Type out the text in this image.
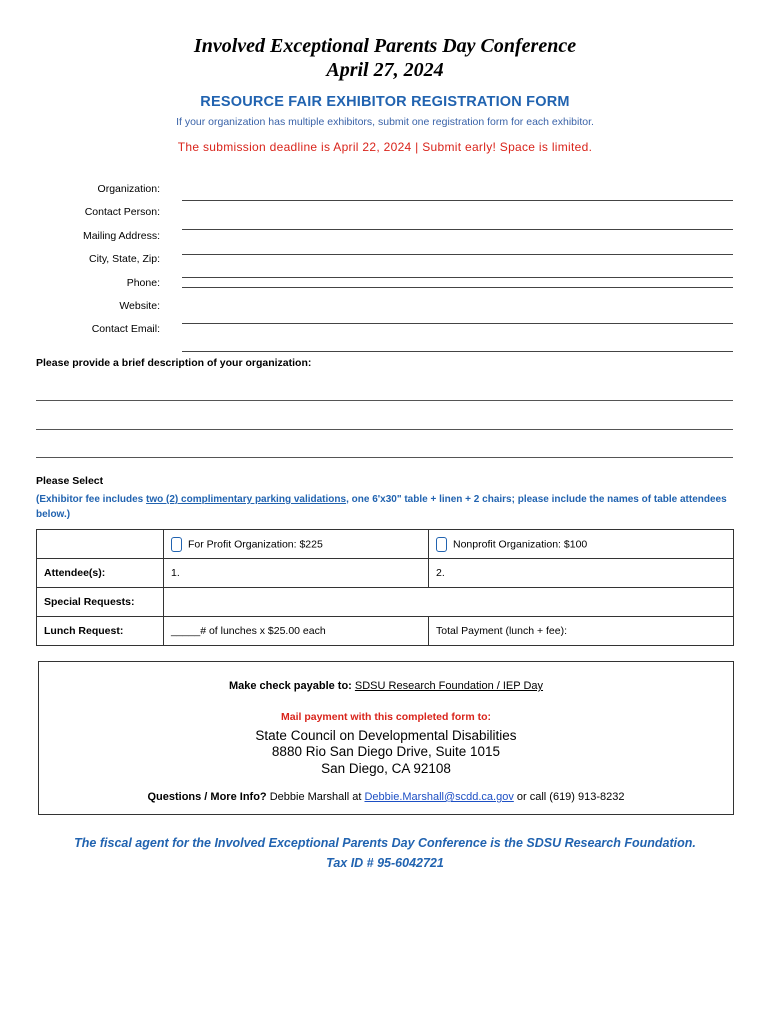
Involved Exceptional Parents Day Conference
April 27, 2024
RESOURCE FAIR EXHIBITOR REGISTRATION FORM
If your organization has multiple exhibitors, submit one registration form for each exhibitor.
The submission deadline is April 22, 2024 | Submit early! Space is limited.
Organization:
Contact Person:
Mailing Address:
City, State, Zip:
Phone:
Website:
Contact Email:
Please provide a brief description of your organization:
Please Select
(Exhibitor fee includes two (2) complimentary parking validations, one 6'x30" table + linen + 2 chairs; please include the names of table attendees below.)
	For Profit Organization: $225	Nonprofit Organization: $100
Attendee(s):	1.	2.
Special Requests:		
Lunch Request:	_____# of lunches x $25.00 each	Total Payment (lunch + fee):
Make check payable to: SDSU Research Foundation / IEP Day
Mail payment with this completed form to:
State Council on Developmental Disabilities
8880 Rio San Diego Drive, Suite 1015
San Diego, CA 92108
Questions / More Info? Debbie Marshall at Debbie.Marshall@scdd.ca.gov or call (619) 913-8232
The fiscal agent for the Involved Exceptional Parents Day Conference is the SDSU Research Foundation.
Tax ID # 95-6042721
